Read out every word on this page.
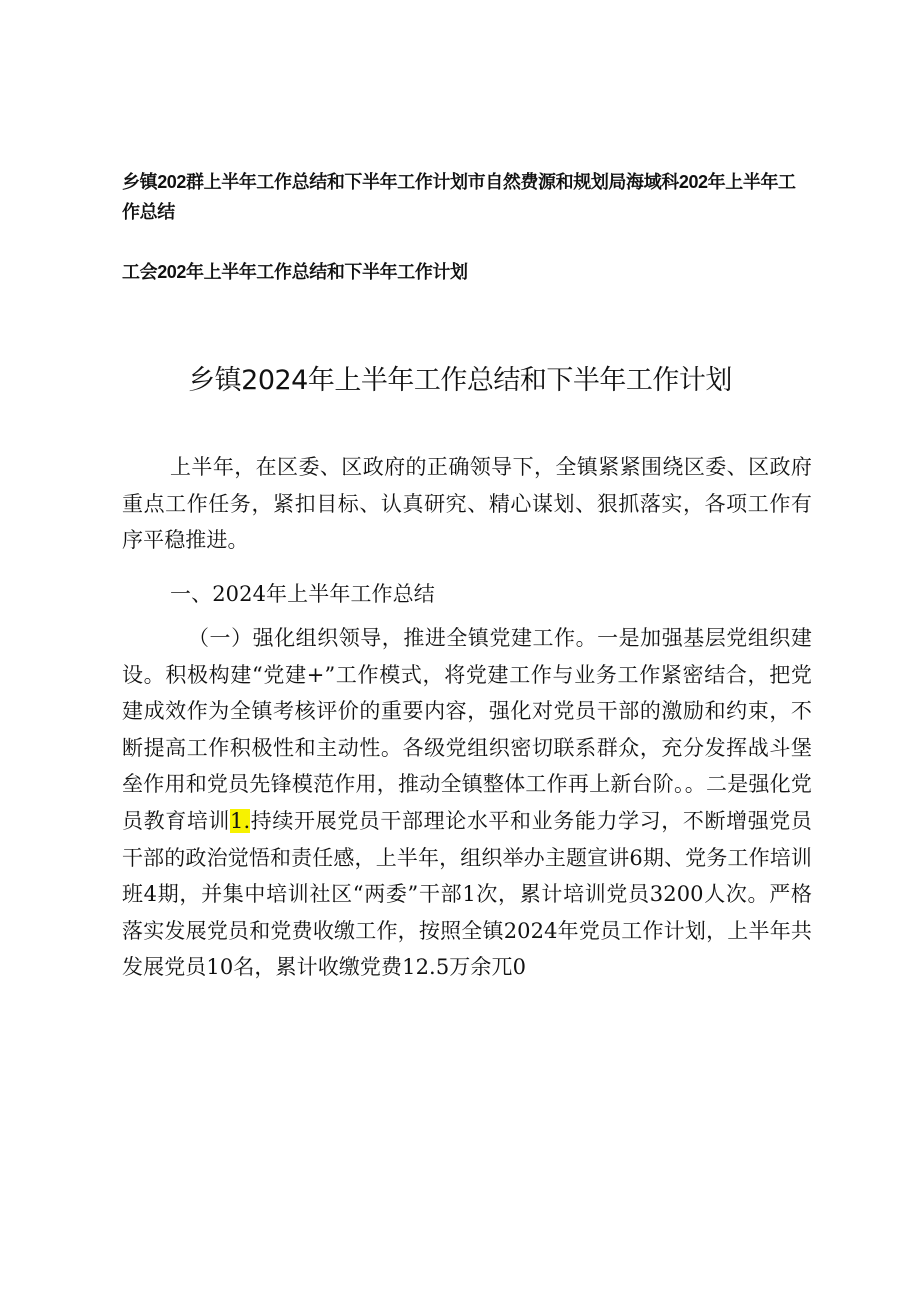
乡镇202群上半年工作总结和下半年工作计划市自然费源和规划局海域科202年上半年工作总结

工会202年上半年工作总结和下半年工作计划

乡镇2024年上半年工作总结和下半年工作计划

上半年，在区委、区政府的正确领导下，全镇紧紧围绕区委、区政府重点工作任务，紧扣目标、认真研究、精心谋划、狠抓落实，各项工作有序平稳推进。

一、2024年上半年工作总结

（一）强化组织领导，推进全镇党建工作。一是加强基层党组织建设。积极构建“党建+”工作模式，将党建工作与业务工作紧密结合，把党建成效作为全镇考核评价的重要内容，强化对党员干部的激励和约束，不断提高工作积极性和主动性。各级党组织密切联系群众，充分发挥战斗堡垒作用和党员先锋模范作用，推动全镇整体工作再上新台阶。。二是强化党员教育培训1.持续开展党员干部理论水平和业务能力学习，不断增强党员干部的政治觉悟和责任感，上半年，组织举办主题宣讲6期、党务工作培训班4期，并集中培训社区“两委”干部1次，累计培训党员3200人次。严格落实发展党员和党费收缴工作，按照全镇2024年党员工作计划，上半年共发展党员10名，累计收缴党费12.5万余兀0
